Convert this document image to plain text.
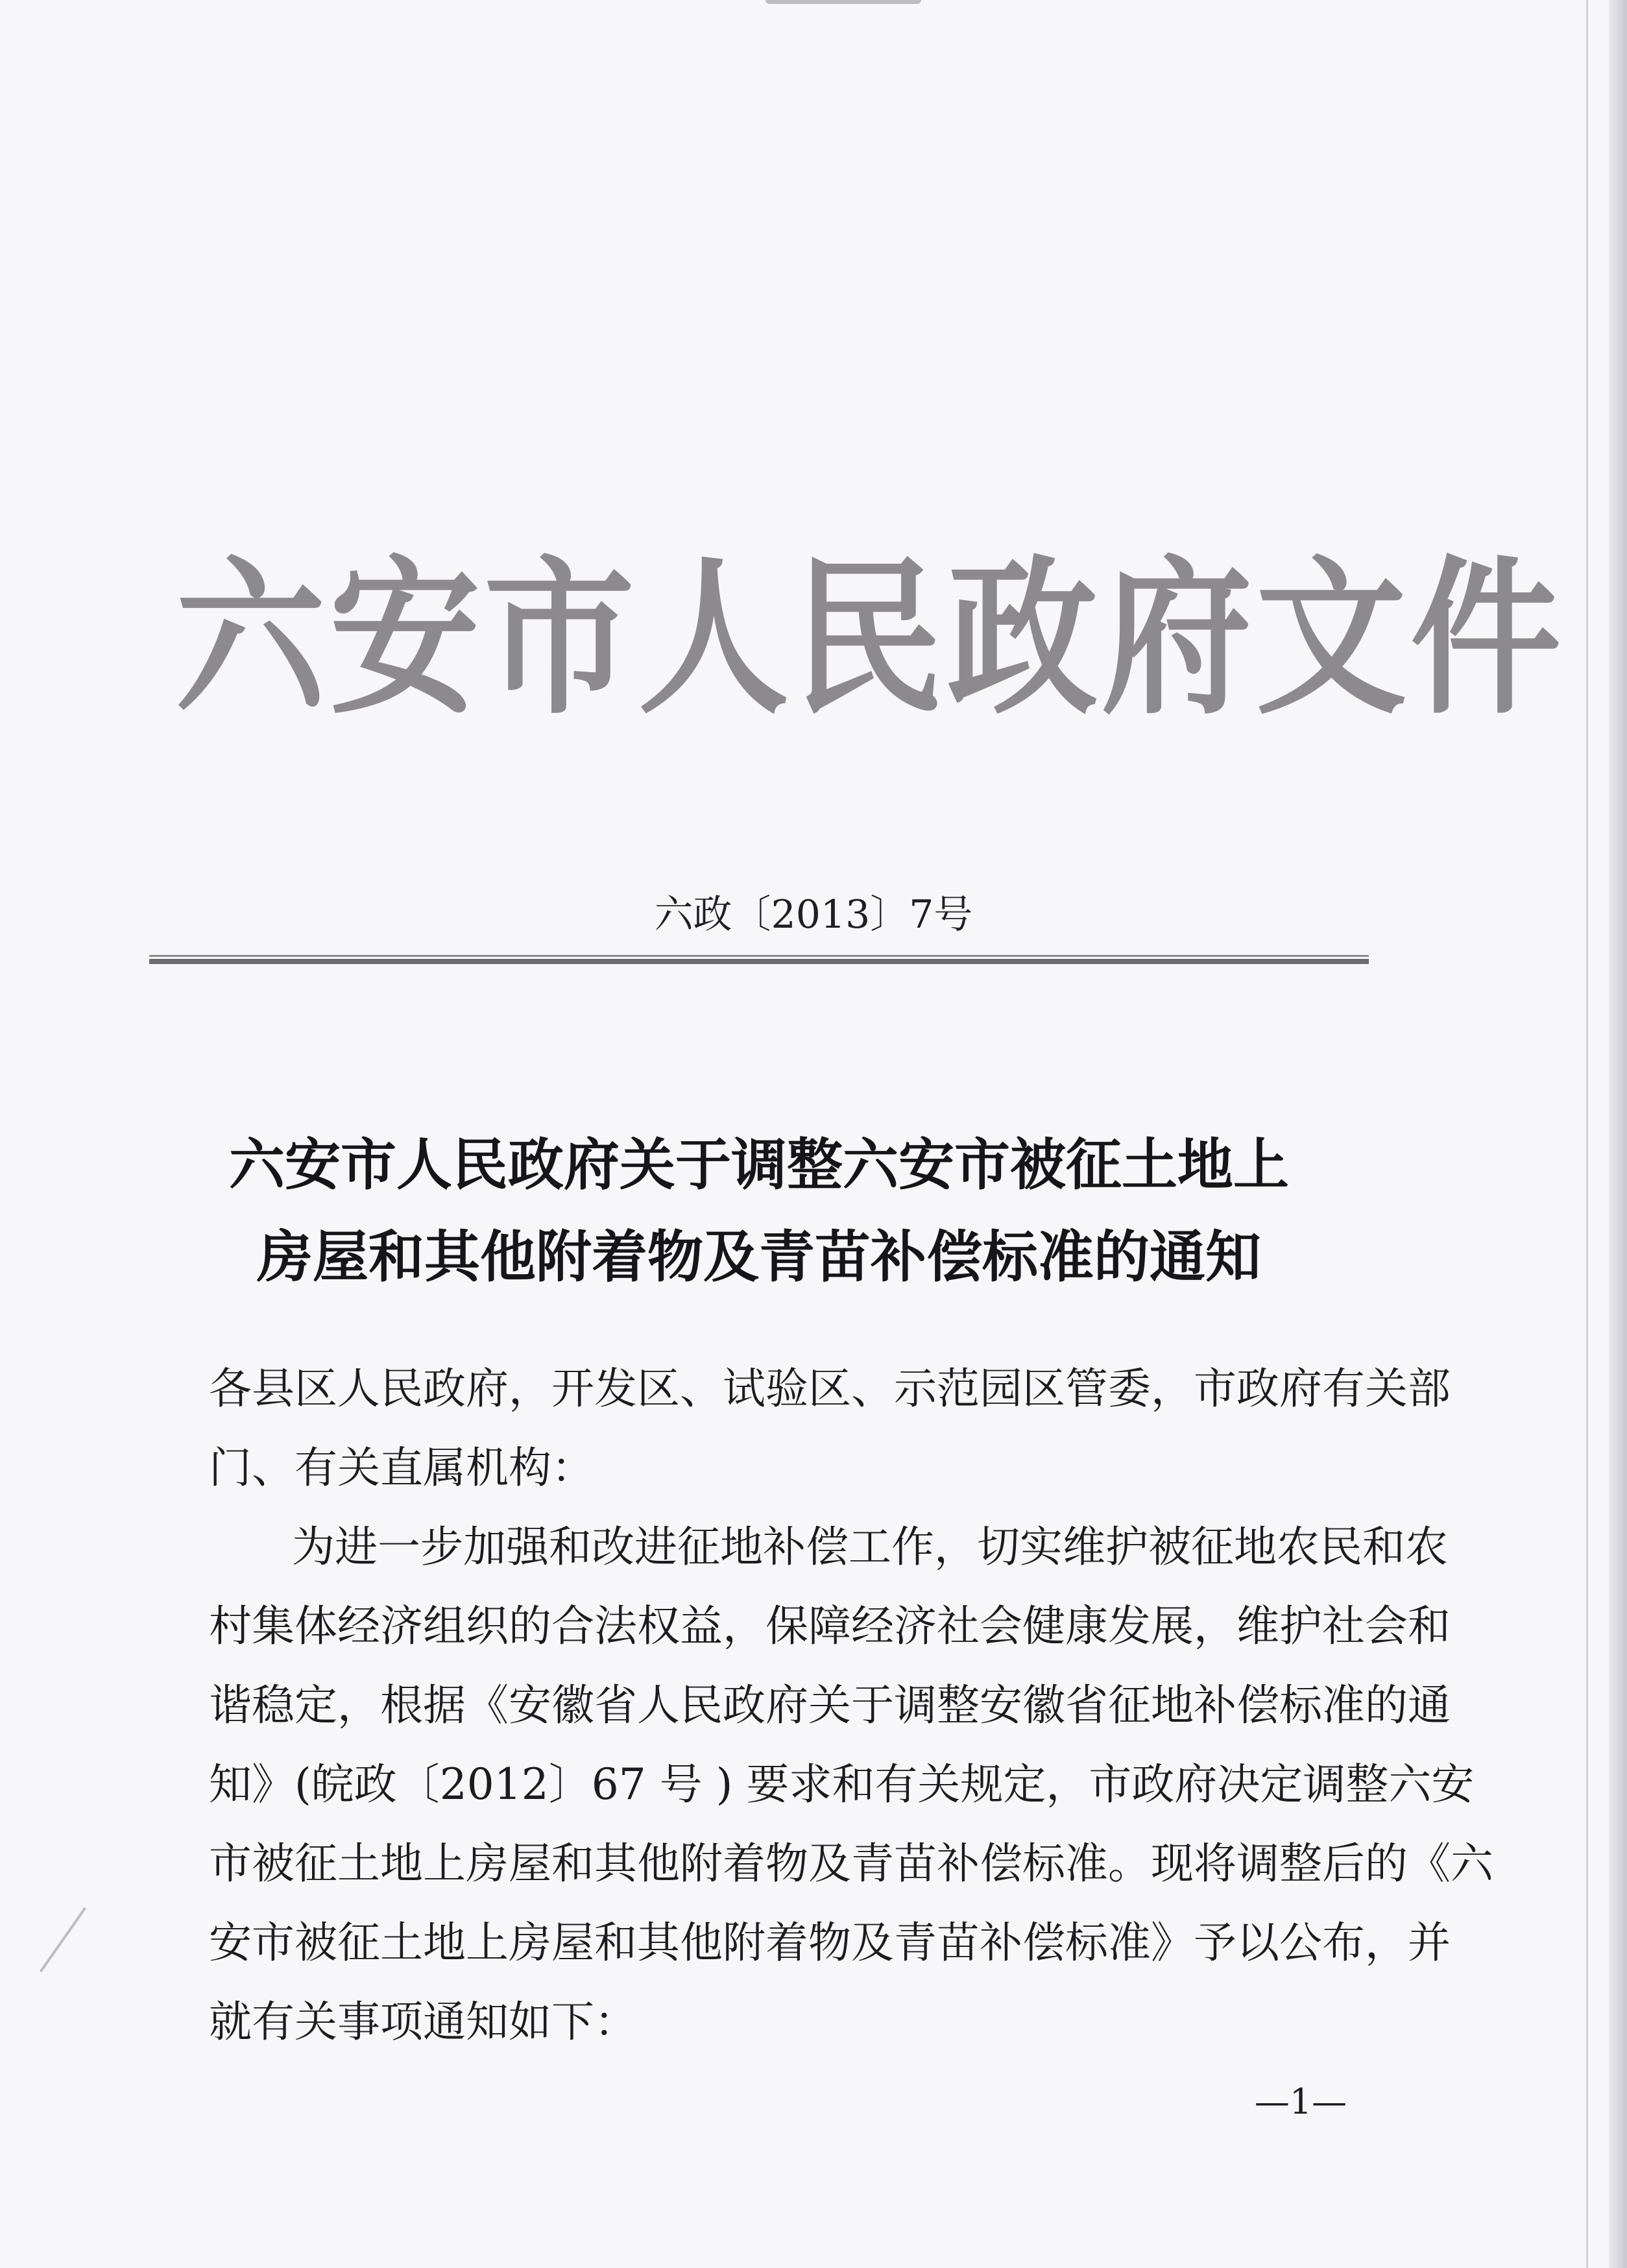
六安市人民政府文件
六政〔2013〕7号
六安市人民政府关于调整六安市被征土地上
房屋和其他附着物及青苗补偿标准的通知
各县区人民政府，开发区、试验区、示范园区管委，市政府有关部
门、有关直属机构：
为进一步加强和改进征地补偿工作，切实维护被征地农民和农
村集体经济组织的合法权益，保障经济社会健康发展，维护社会和
谐稳定，根据《安徽省人民政府关于调整安徽省征地补偿标准的通
知》(皖政〔2012〕67 号 ) 要求和有关规定，市政府决定调整六安
市被征土地上房屋和其他附着物及青苗补偿标准。现将调整后的《六
安市被征土地上房屋和其他附着物及青苗补偿标准》予以公布，并
就有关事项通知如下：
—1—
